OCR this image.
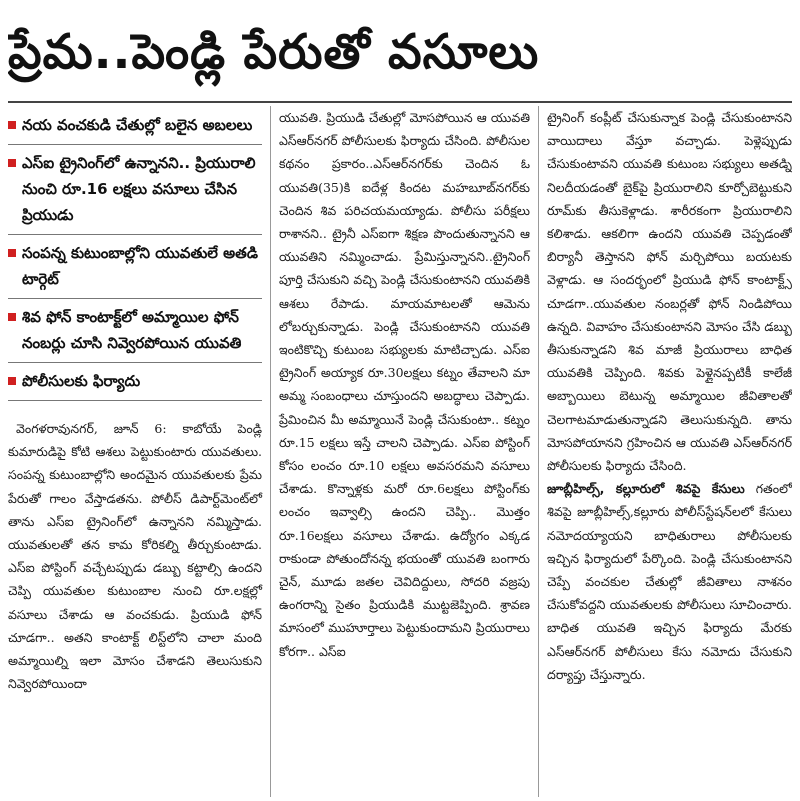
ప్రేమ..పెండ్లి పేరుతో వసూలు
నయ వంచకుడి చేతుల్లో బలైన అబలలు
ఎస్ఐ ట్రైనింగ్‌లో ఉన్నానని.. ప్రియురాలి నుంచి రూ.16 లక్షలు వసూలు చేసిన ప్రియుడు
సంపన్న కుటుంబాల్లోని యువతులే అతడి టార్గెట్
శివ ఫోన్ కాంటాక్ట్‌లో అమ్మాయిల ఫోన్ నంబర్లు చూసి నివ్వెరపోయిన యువతి
పోలీసులకు ఫిర్యాదు

వెంగళరావునగర్, జూన్ 6: కాబోయే పెండ్లి కుమారుడిపై కోటి ఆశలు పెట్టుకుంటారు యువతులు. సంపన్న కుటుంబాల్లోని అందమైన యువతులకు ప్రేమ పేరుతో గాలం వేస్తాడతను. పోలీస్ డిపార్ట్‌మెంట్‌లో తాను ఎస్ఐ ట్రైనింగ్‌లో ఉన్నానని నమ్మిస్తాడు. యువతులతో తన కామ కోరికల్ని తీర్చుకుంటాడు. ఎస్ఐ పోస్టింగ్ వచ్చేటప్పుడు డబ్బు కట్టాల్సి ఉందని చెప్పి యువతుల కుటుంబాల నుంచి రూ.లక్షల్లో వసూలు చేశాడు ఆ వంచకుడు. ప్రియుడి ఫోన్ చూడగా.. అతని కాంటాక్ట్ లిస్ట్‌లోని చాలా మంది అమ్మాయిల్ని ఇలా మోసం చేశాడని తెలుసుకుని నివ్వెరపోయిందా

యువతి. ప్రియుడి చేతుల్లో మోసపోయిన ఆ యువతి ఎస్ఆర్‌నగర్ పోలీసులకు ఫిర్యాదు చేసింది. పోలీసుల కథనం ప్రకారం..ఎస్ఆర్‌నగర్‌కు చెందిన ఓ యువతి(35)కి ఐదేళ్ల కిందట మహబూబ్‌నగర్‌కు చెందిన శివ పరిచయమయ్యాడు. పోలీసు పరీక్షలు రాశానని.. ట్రైనీ ఎస్ఐగా శిక్షణ పొందుతున్నానని ఆ యువతిని నమ్మించాడు. ప్రేమిస్తున్నానని..ట్రైనింగ్ పూర్తి చేసుకుని వచ్చి పెండ్లి చేసుకుంటానని యువతికి ఆశలు రేపాడు. మాయమాటలతో ఆమెను లోబర్చుకున్నాడు. పెండ్లి చేసుకుంటానని యువతి ఇంటికొచ్చి కుటుంబ సభ్యులకు మాటిచ్చాడు. ఎస్ఐ ట్రైనింగ్ అయ్యాక రూ.30లక్షలు కట్నం తేవాలని మా అమ్మ సంబంధాలు చూస్తుందని అబద్ధాలు చెప్పాడు. ప్రేమించిన మీ అమ్మాయినే పెండ్లి చేసుకుంటా.. కట్నం రూ.15 లక్షలు ఇస్తే చాలని చెప్పాడు. ఎస్ఐ పోస్టింగ్ కోసం లంచం రూ.10 లక్షలు అవసరమని వసూలు చేశాడు. కొన్నాళ్లకు మరో రూ.6లక్షలు పోస్టింగ్‌కు లంచం ఇవ్వాల్సి ఉందని చెప్పి.. మొత్తం రూ.16లక్షలు వసూలు చేశాడు. ఉద్యోగం ఎక్కడ రాకుండా పోతుందోనన్న భయంతో యువతి బంగారు చైన్, మూడు జతల చెవిదిద్దులు, సోదరి వజ్రపు ఉంగరాన్ని సైతం ప్రియుడికి ముట్టజెప్పింది. శ్రావణ మాసంలో ముహూర్తాలు పెట్టుకుందామని ప్రియురాలు కోరగా.. ఎస్ఐ

ట్రైనింగ్ కంప్లీట్ చేసుకున్నాక పెండ్లి చేసుకుంటానని వాయిదాలు వేస్తూ వచ్చాడు. పెళ్లెప్పుడు చేసుకుంటావని యువతి కుటుంబ సభ్యులు అతడ్ని నిలదీయడంతో బైక్‌పై ప్రియురాలిని కూర్చోబెట్టుకుని రూమ్‌కు తీసుకెళ్లాడు. శారీరకంగా ప్రియురాలిని కలిశాడు. ఆకలిగా ఉందని యువతి చెప్పడంతో బిర్యానీ తెస్తానని ఫోన్ మర్చిపోయి బయటకు వెళ్లాడు. ఆ సందర్భంలో ప్రియుడి ఫోన్ కాంటాక్ట్స్ చూడగా..యువతుల నంబర్లతో ఫోన్ నిండిపోయి ఉన్నది. వివాహం చేసుకుంటానని మోసం చేసి డబ్బు తీసుకున్నాడని శివ మాజీ ప్రియురాలు బాధిత యువతికి చెప్పింది. శివకు పెళ్లైనప్పటికీ కాలేజీ అబ్బాయిలు బెటున్న అమ్మాయిల జీవితాలతో చెలగాటమాడుతున్నాడని తెలుసుకున్నది. తాను మోసపోయానని గ్రహించిన ఆ యువతి ఎస్ఆర్‌నగర్ పోలీసులకు ఫిర్యాదు చేసింది.

జూబ్లీహిల్స్, కల్లూరులో శివపై కేసులు గతంలో శివపై జూబ్లీహిల్స్,కల్లూరు పోలీస్‌స్టేషన్‌లలో కేసులు నమోదయ్యాయని బాధితురాలు పోలీసులకు ఇచ్చిన ఫిర్యాదులో పేర్కొంది. పెండ్లి చేసుకుంటానని చెప్పే వంచకుల చేతుల్లో జీవితాలు నాశనం చేసుకోవద్దని యువతులకు పోలీసులు సూచించారు. బాధిత యువతి ఇచ్చిన ఫిర్యాదు మేరకు ఎస్ఆర్‌నగర్ పోలీసులు కేసు నమోదు చేసుకుని దర్యాప్తు చేస్తున్నారు.
